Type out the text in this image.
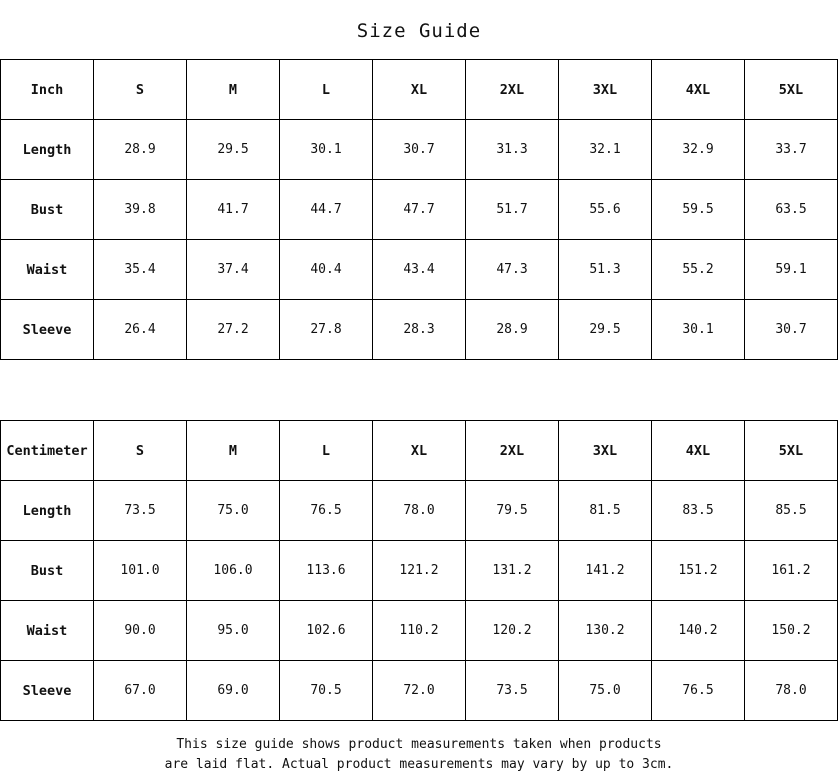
Size Guide
Inch	S	M	L	XL	2XL	3XL	4XL	5XL
Length	28.9	29.5	30.1	30.7	31.3	32.1	32.9	33.7
Bust	39.8	41.7	44.7	47.7	51.7	55.6	59.5	63.5
Waist	35.4	37.4	40.4	43.4	47.3	51.3	55.2	59.1
Sleeve	26.4	27.2	27.8	28.3	28.9	29.5	30.1	30.7
Centimeter	S	M	L	XL	2XL	3XL	4XL	5XL
Length	73.5	75.0	76.5	78.0	79.5	81.5	83.5	85.5
Bust	101.0	106.0	113.6	121.2	131.2	141.2	151.2	161.2
Waist	90.0	95.0	102.6	110.2	120.2	130.2	140.2	150.2
Sleeve	67.0	69.0	70.5	72.0	73.5	75.0	76.5	78.0
This size guide shows product measurements taken when products
are laid flat. Actual product measurements may vary by up to 3cm.
